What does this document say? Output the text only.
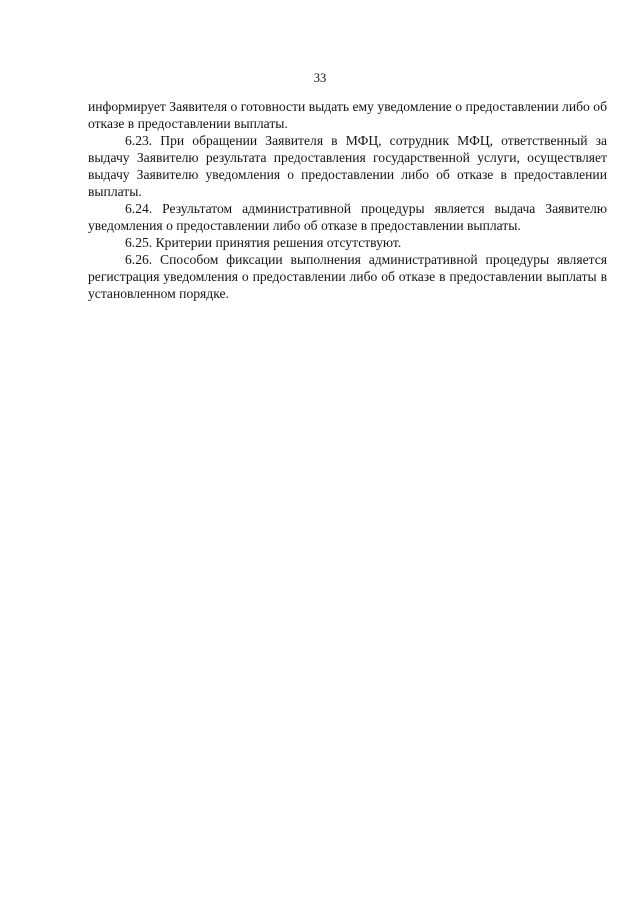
33

информирует Заявителя о готовности выдать ему уведомление о предоставлении либо об отказе в предоставлении выплаты.

6.23. При обращении Заявителя в МФЦ, сотрудник МФЦ, ответственный за выдачу Заявителю результата предоставления государственной услуги, осуществляет выдачу Заявителю уведомления о предоставлении либо об отказе в предоставлении выплаты.

6.24. Результатом административной процедуры является выдача Заявителю уведомления о предоставлении либо об отказе в предоставлении выплаты.

6.25. Критерии принятия решения отсутствуют.

6.26. Способом фиксации выполнения административной процедуры является регистрация уведомления о предоставлении либо об отказе в предоставлении выплаты в установленном порядке.
